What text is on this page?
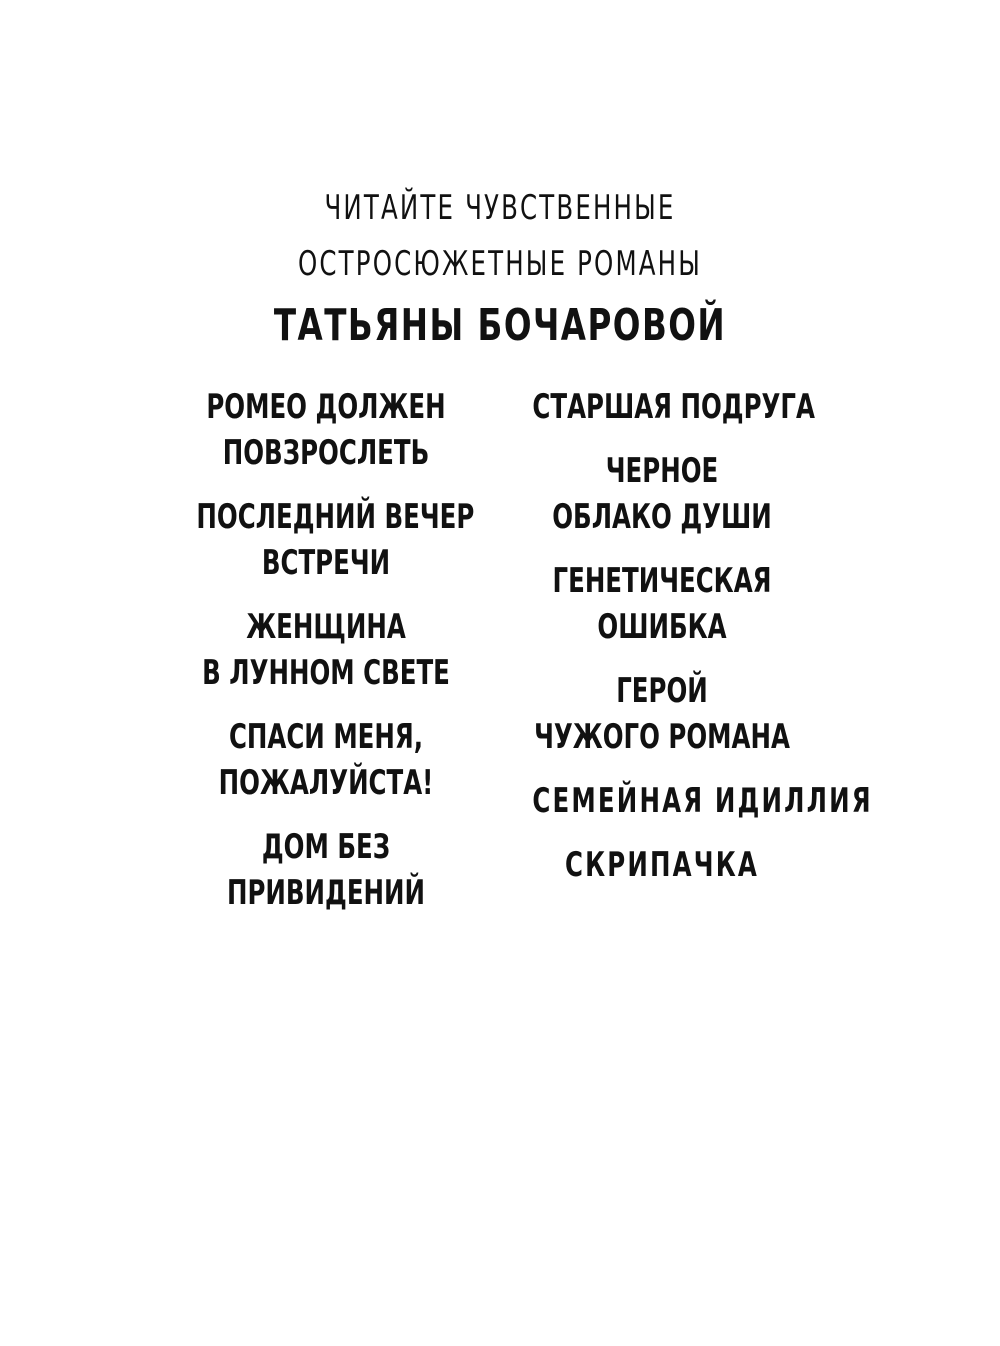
ЧИТАЙТЕ ЧУВСТВЕННЫЕ
ОСТРОСЮЖЕТНЫЕ РОМАНЫ
ТАТЬЯНЫ БОЧАРОВОЙ
РОМЕО ДОЛЖЕН
ПОВЗРОСЛЕТЬ
ПОСЛЕДНИЙ ВЕЧЕР
ВСТРЕЧИ
ЖЕНЩИНА
В ЛУННОМ СВЕТЕ
СПАСИ МЕНЯ,
ПОЖАЛУЙСТА!
ДОМ БЕЗ
ПРИВИДЕНИЙ
СТАРШАЯ ПОДРУГА
ЧЕРНОЕ
ОБЛАКО ДУШИ
ГЕНЕТИЧЕСКАЯ
ОШИБКА
ГЕРОЙ
ЧУЖОГО РОМАНА
СЕМЕЙНАЯ ИДИЛЛИЯ
СКРИПАЧКА
